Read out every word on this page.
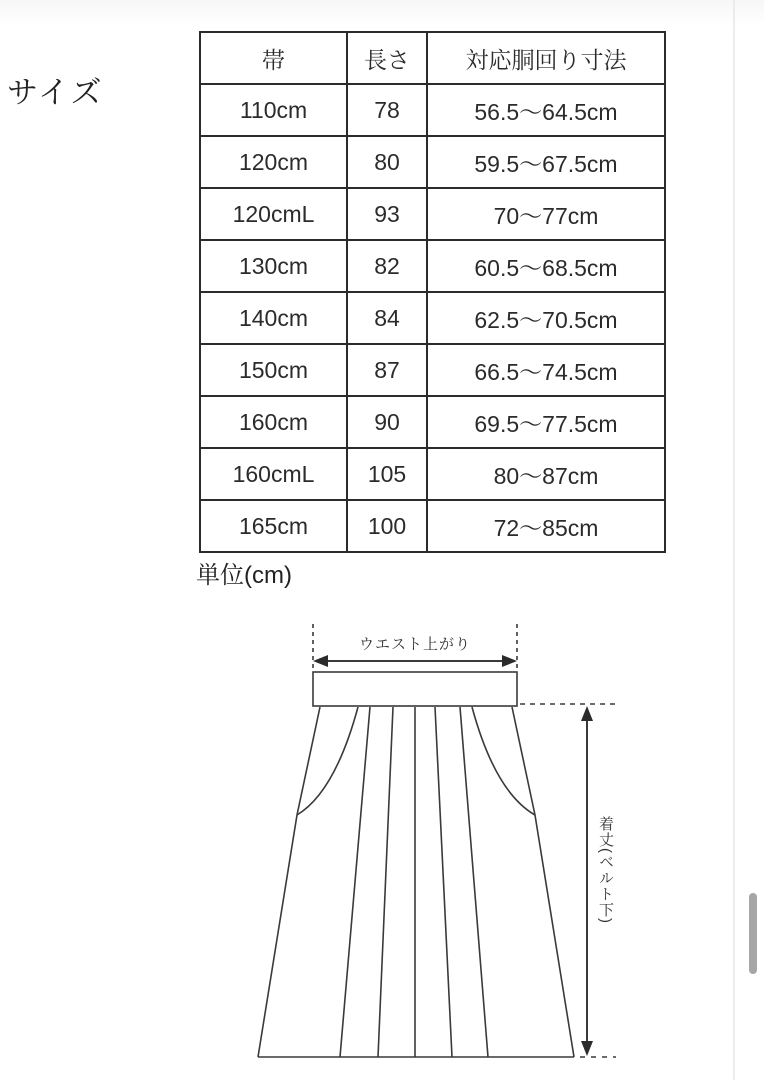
サイズ
帯	長さ	対応胴回り寸法
110cm	78	56.5〜64.5cm
120cm	80	59.5〜67.5cm
120cmL	93	70〜77cm
130cm	82	60.5〜68.5cm
140cm	84	62.5〜70.5cm
150cm	87	66.5〜74.5cm
160cm	90	69.5〜77.5cm
160cmL	105	80〜87cm
165cm	100	72〜85cm
単位(cm)
ウエスト上がり
着丈(ベルト下)
